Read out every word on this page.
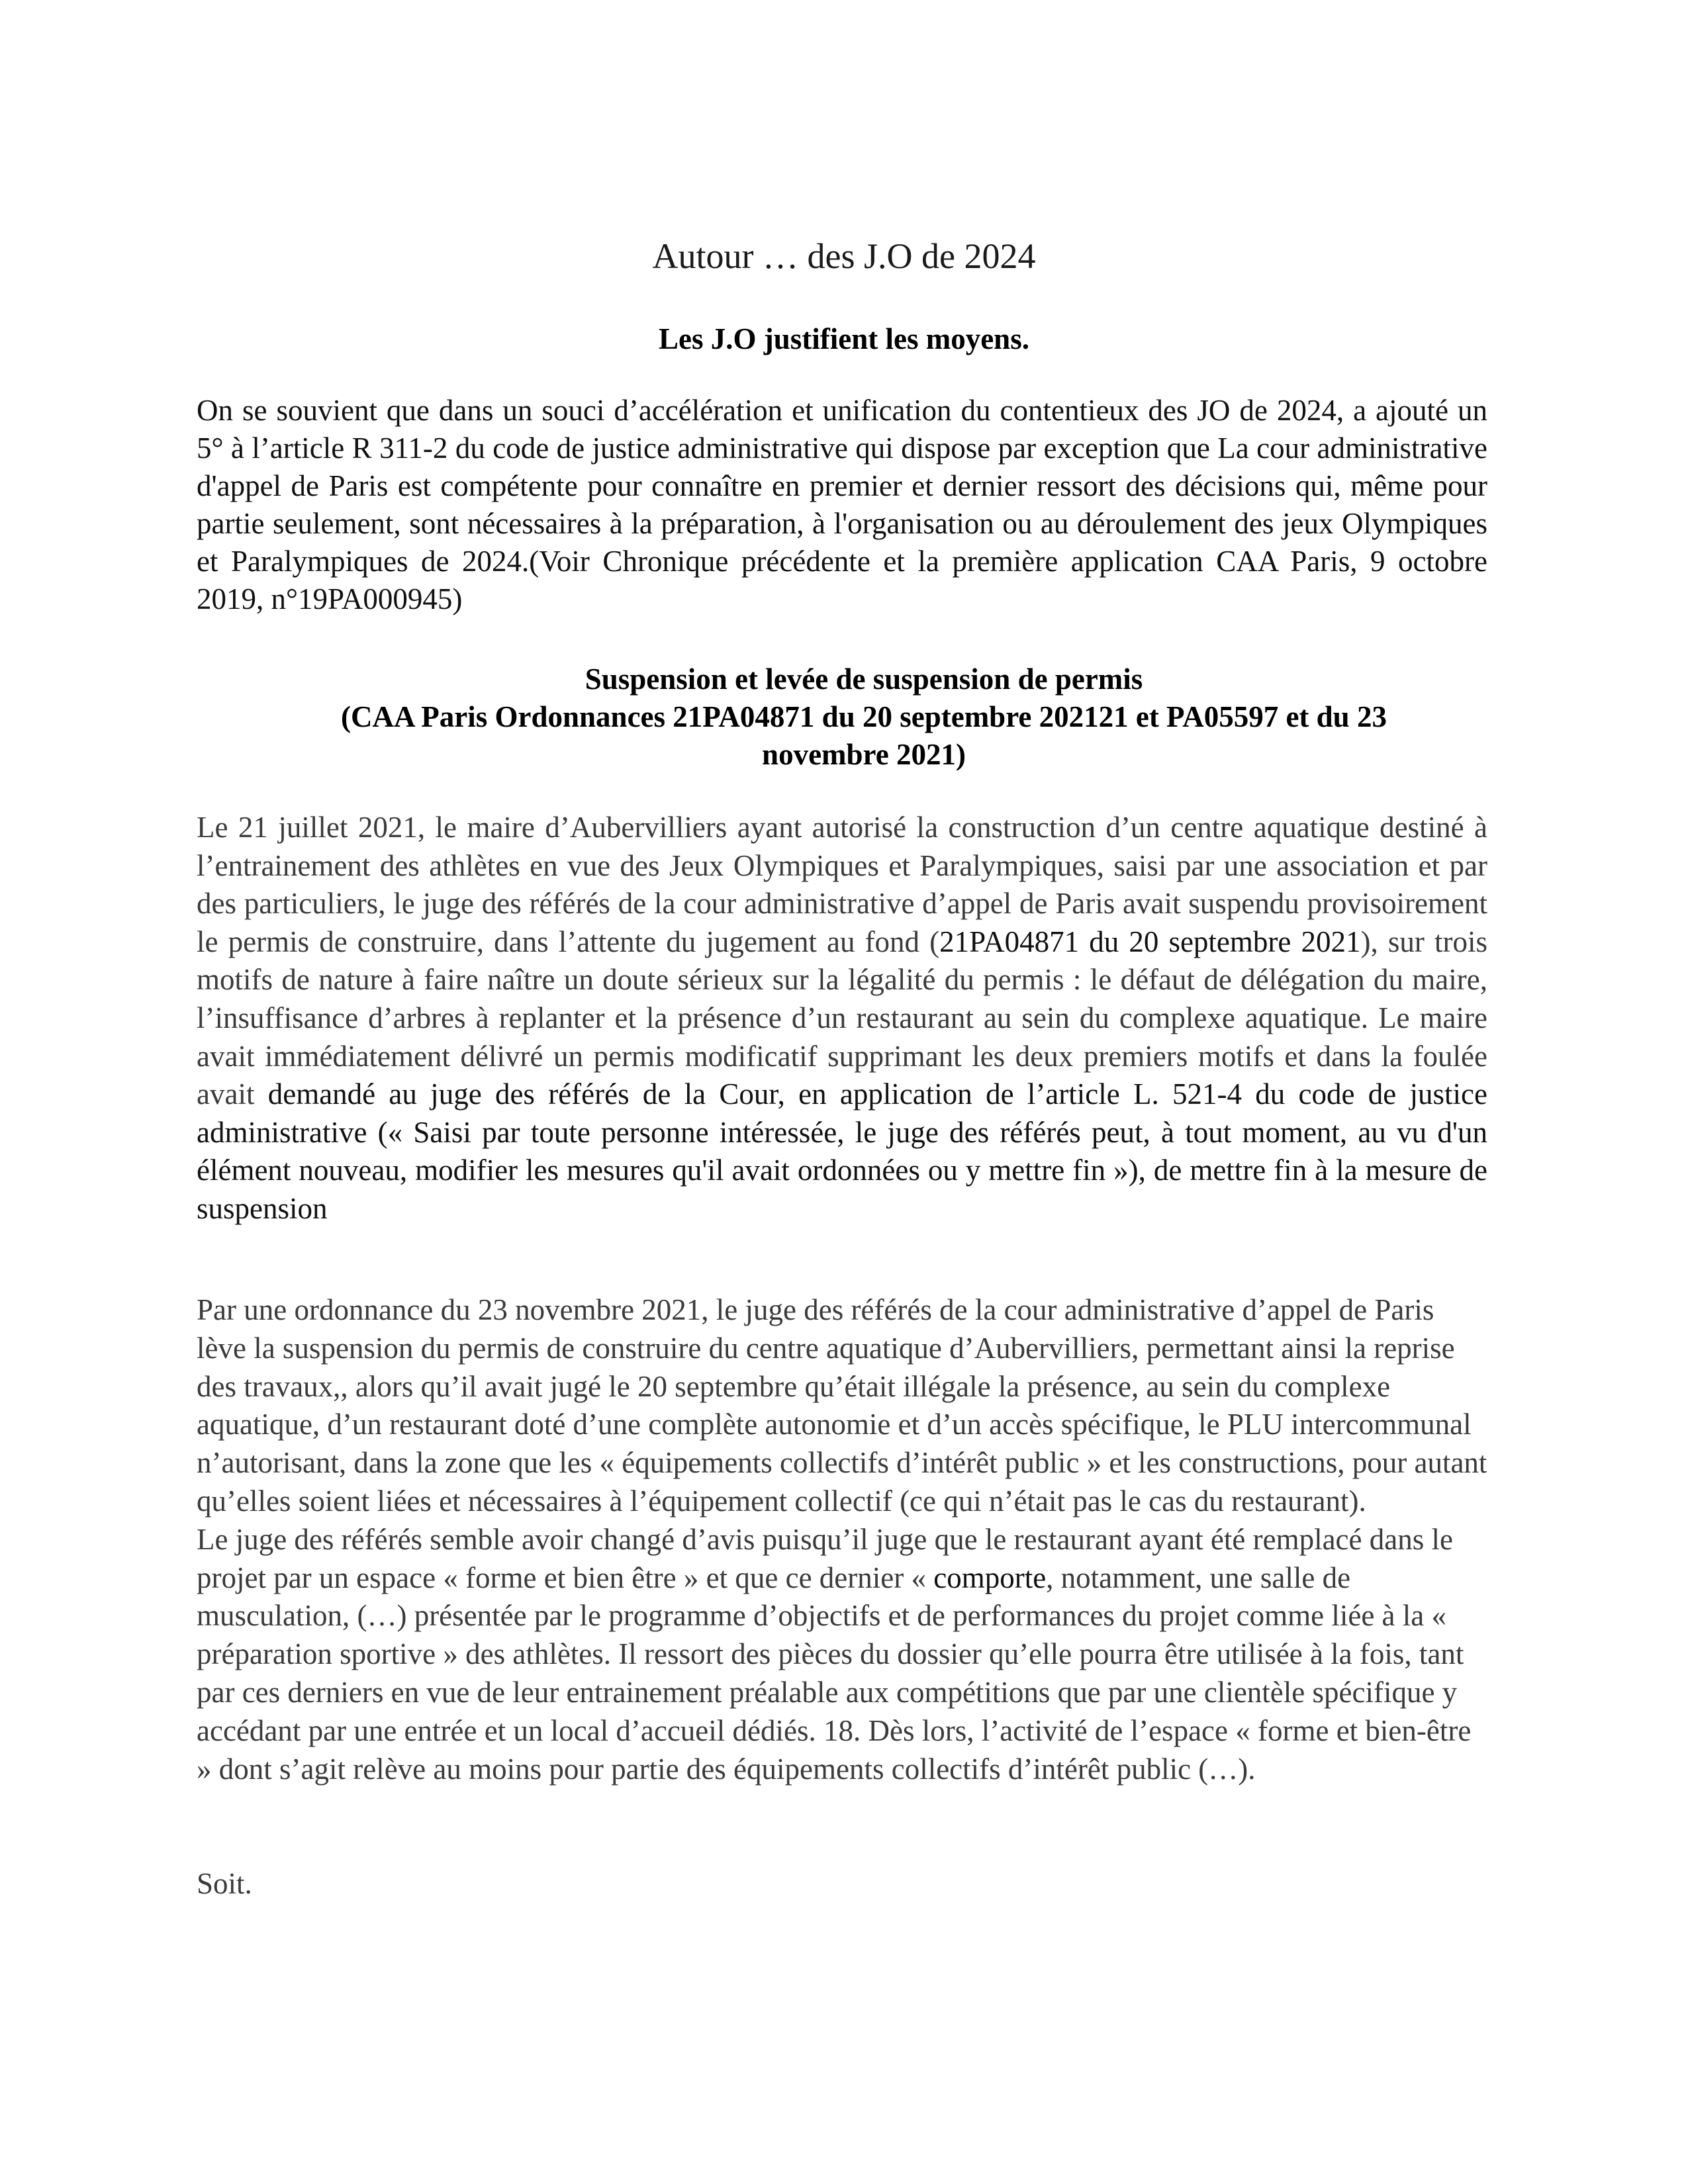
Autour … des J.O de 2024
Les J.O justifient les moyens.

On se souvient que dans un souci d’accélération et unification du contentieux des JO de 2024, a ajouté un 5° à l’article R 311-2 du code de justice administrative qui dispose par exception que La cour administrative d'appel de Paris est compétente pour connaître en premier et dernier ressort des décisions qui, même pour partie seulement, sont nécessaires à la préparation, à l'organisation ou au déroulement des jeux Olympiques et Paralympiques de 2024.(Voir Chronique précédente et la première application CAA Paris, 9 octobre 2019, n°19PA000945)

Suspension et levée de suspension de permis
(CAA Paris Ordonnances 21PA04871 du 20 septembre 202121 et PA05597 et du 23
novembre 2021)

Le 21 juillet 2021, le maire d’Aubervilliers ayant autorisé la construction d’un centre aquatique destiné à l’entrainement des athlètes en vue des Jeux Olympiques et Paralympiques, saisi par une association et par des particuliers, le juge des référés de la cour administrative d’appel de Paris avait suspendu provisoirement le permis de construire, dans l’attente du jugement au fond (21PA04871 du 20 septembre 2021), sur trois motifs de nature à faire naître un doute sérieux sur la légalité du permis : le défaut de délégation du maire, l’insuffisance d’arbres à replanter et la présence d’un restaurant au sein du complexe aquatique. Le maire avait immédiatement délivré un permis modificatif supprimant les deux premiers motifs et dans la foulée avait demandé au juge des référés de la Cour, en application de l’article L. 521-4 du code de justice administrative (« Saisi par toute personne intéressée, le juge des référés peut, à tout moment, au vu d'un élément nouveau, modifier les mesures qu'il avait ordonnées ou y mettre fin »), de mettre fin à la mesure de suspension

Par une ordonnance du 23 novembre 2021, le juge des référés de la cour administrative d’appel de Paris lève la suspension du permis de construire du centre aquatique d’Aubervilliers, permettant ainsi la reprise des travaux,, alors qu’il avait jugé le 20 septembre qu’était illégale la présence, au sein du complexe aquatique, d’un restaurant doté d’une complète autonomie et d’un accès spécifique, le PLU intercommunal n’autorisant, dans la zone que les « équipements collectifs d’intérêt public » et les constructions, pour autant qu’elles soient liées et nécessaires à l’équipement collectif (ce qui n’était pas le cas du restaurant).
Le juge des référés semble avoir changé d’avis puisqu’il juge que le restaurant ayant été remplacé dans le projet par un espace « forme et bien être » et que ce dernier « comporte, notamment, une salle de musculation, (…) présentée par le programme d’objectifs et de performances du projet comme liée à la « préparation sportive » des athlètes. Il ressort des pièces du dossier qu’elle pourra être utilisée à la fois, tant par ces derniers en vue de leur entrainement préalable aux compétitions que par une clientèle spécifique y accédant par une entrée et un local d’accueil dédiés. 18. Dès lors, l’activité de l’espace « forme et bien-être » dont s’agit relève au moins pour partie des équipements collectifs d’intérêt public (…).
Soit.
